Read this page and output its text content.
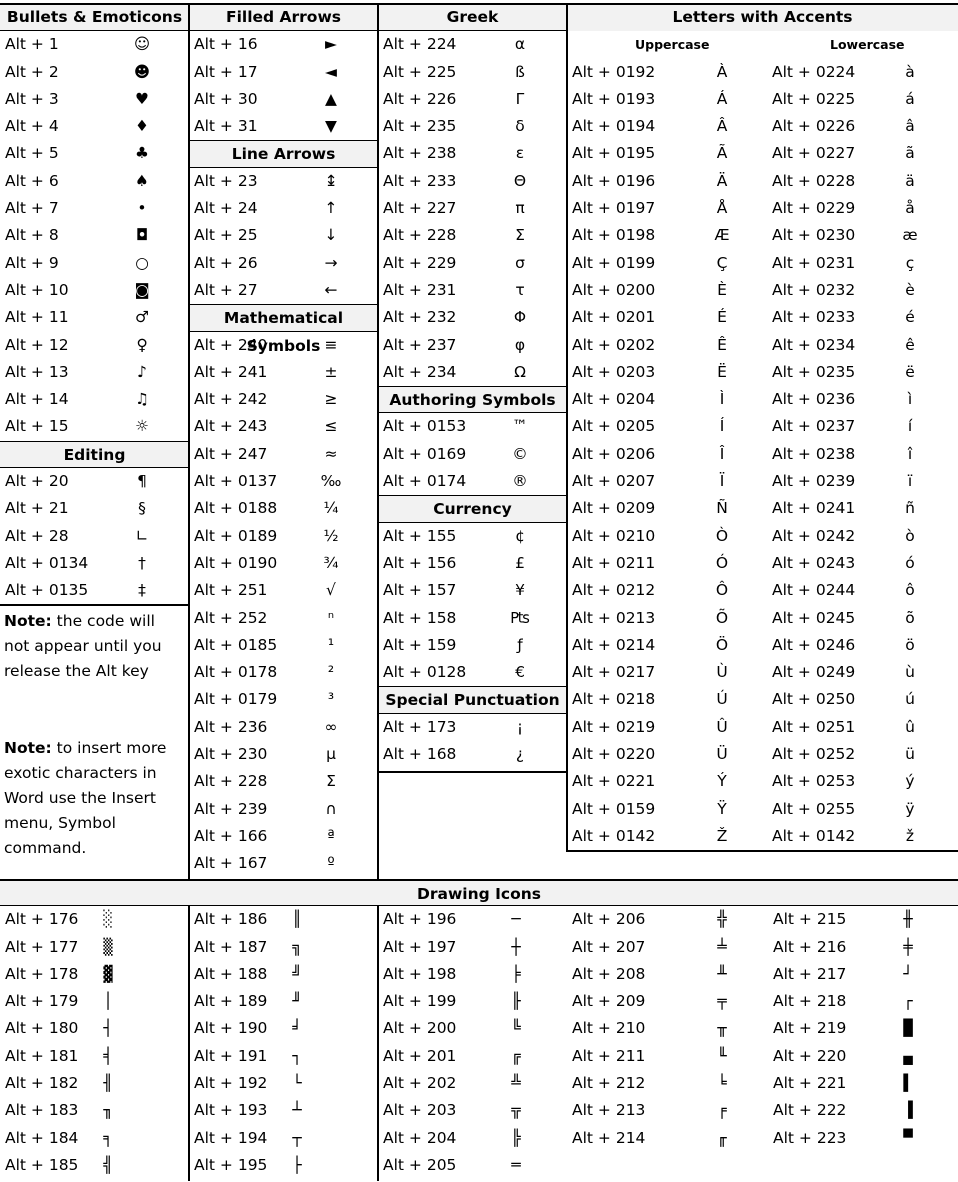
Bullets & Emoticons
Alt + 1	☺
Alt + 2	☻
Alt + 3	♥
Alt + 4	♦
Alt + 5	♣
Alt + 6	♠
Alt + 7	•
Alt + 8	◘
Alt + 9	○
Alt + 10	◙
Alt + 11	♂
Alt + 12	♀
Alt + 13	♪
Alt + 14	♫
Alt + 15	☼
Editing
Alt + 20	¶
Alt + 21	§
Alt + 28	∟
Alt + 0134	†
Alt + 0135	‡
Note: the code will not appear until you release the Alt key
Note: to insert more exotic characters in Word use the Insert menu, Symbol command.
Filled Arrows
Alt + 16	►
Alt + 17	◄
Alt + 30	▲
Alt + 31	▼
Line Arrows
Alt + 23	↨
Alt + 24	↑
Alt + 25	↓
Alt + 26	→
Alt + 27	←
Mathematical Symbols
Alt + 240	≡
Alt + 241	±
Alt + 242	≥
Alt + 243	≤
Alt + 247	≈
Alt + 0137	‰
Alt + 0188	¼
Alt + 0189	½
Alt + 0190	¾
Alt + 251	√
Alt + 252	ⁿ
Alt + 0185	¹
Alt + 0178	²
Alt + 0179	³
Alt + 236	∞
Alt + 230	µ
Alt + 228	Σ
Alt + 239	∩
Alt + 166	ª
Alt + 167	º
Greek
Alt + 224	α
Alt + 225	ß
Alt + 226	Γ
Alt + 235	δ
Alt + 238	ε
Alt + 233	Θ
Alt + 227	π
Alt + 228	Σ
Alt + 229	σ
Alt + 231	τ
Alt + 232	Φ
Alt + 237	φ
Alt + 234	Ω
Authoring Symbols
Alt + 0153	™
Alt + 0169	©
Alt + 0174	®
Currency
Alt + 155	¢
Alt + 156	£
Alt + 157	¥
Alt + 158	₧
Alt + 159	ƒ
Alt + 0128	€
Special Punctuation
Alt + 173	¡
Alt + 168	¿
Letters with Accents
Uppercase	Lowercase
Alt + 0192	À	Alt + 0224	à
Alt + 0193	Á	Alt + 0225	á
Alt + 0194	Â	Alt + 0226	â
Alt + 0195	Ã	Alt + 0227	ã
Alt + 0196	Ä	Alt + 0228	ä
Alt + 0197	Å	Alt + 0229	å
Alt + 0198	Æ	Alt + 0230	æ
Alt + 0199	Ç	Alt + 0231	ç
Alt + 0200	È	Alt + 0232	è
Alt + 0201	É	Alt + 0233	é
Alt + 0202	Ê	Alt + 0234	ê
Alt + 0203	Ë	Alt + 0235	ë
Alt + 0204	Ì	Alt + 0236	ì
Alt + 0205	Í	Alt + 0237	í
Alt + 0206	Î	Alt + 0238	î
Alt + 0207	Ï	Alt + 0239	ï
Alt + 0209	Ñ	Alt + 0241	ñ
Alt + 0210	Ò	Alt + 0242	ò
Alt + 0211	Ó	Alt + 0243	ó
Alt + 0212	Ô	Alt + 0244	ô
Alt + 0213	Õ	Alt + 0245	õ
Alt + 0214	Ö	Alt + 0246	ö
Alt + 0217	Ù	Alt + 0249	ù
Alt + 0218	Ú	Alt + 0250	ú
Alt + 0219	Û	Alt + 0251	û
Alt + 0220	Ü	Alt + 0252	ü
Alt + 0221	Ý	Alt + 0253	ý
Alt + 0159	Ÿ	Alt + 0255	ÿ
Alt + 0142	Ž	Alt + 0142	ž
Drawing Icons
Alt + 176	░
Alt + 177	▒
Alt + 178	▓
Alt + 179	│
Alt + 180	┤
Alt + 181	╡
Alt + 182	╢
Alt + 183	╖
Alt + 184	╕
Alt + 185	╣
Alt + 186	║
Alt + 187	╗
Alt + 188	╝
Alt + 189	╜
Alt + 190	╛
Alt + 191	┐
Alt + 192	└
Alt + 193	┴
Alt + 194	┬
Alt + 195	├
Alt + 196	─
Alt + 197	┼
Alt + 198	╞
Alt + 199	╟
Alt + 200	╚
Alt + 201	╔
Alt + 202	╩
Alt + 203	╦
Alt + 204	╠
Alt + 205	═
Alt + 206	╬
Alt + 207	╧
Alt + 208	╨
Alt + 209	╤
Alt + 210	╥
Alt + 211	╙
Alt + 212	╘
Alt + 213	╒
Alt + 214	╓
Alt + 215	╫
Alt + 216	╪
Alt + 217	┘
Alt + 218	┌
Alt + 219	█
Alt + 220	▄
Alt + 221	▌
Alt + 222	▐
Alt + 223	▀
